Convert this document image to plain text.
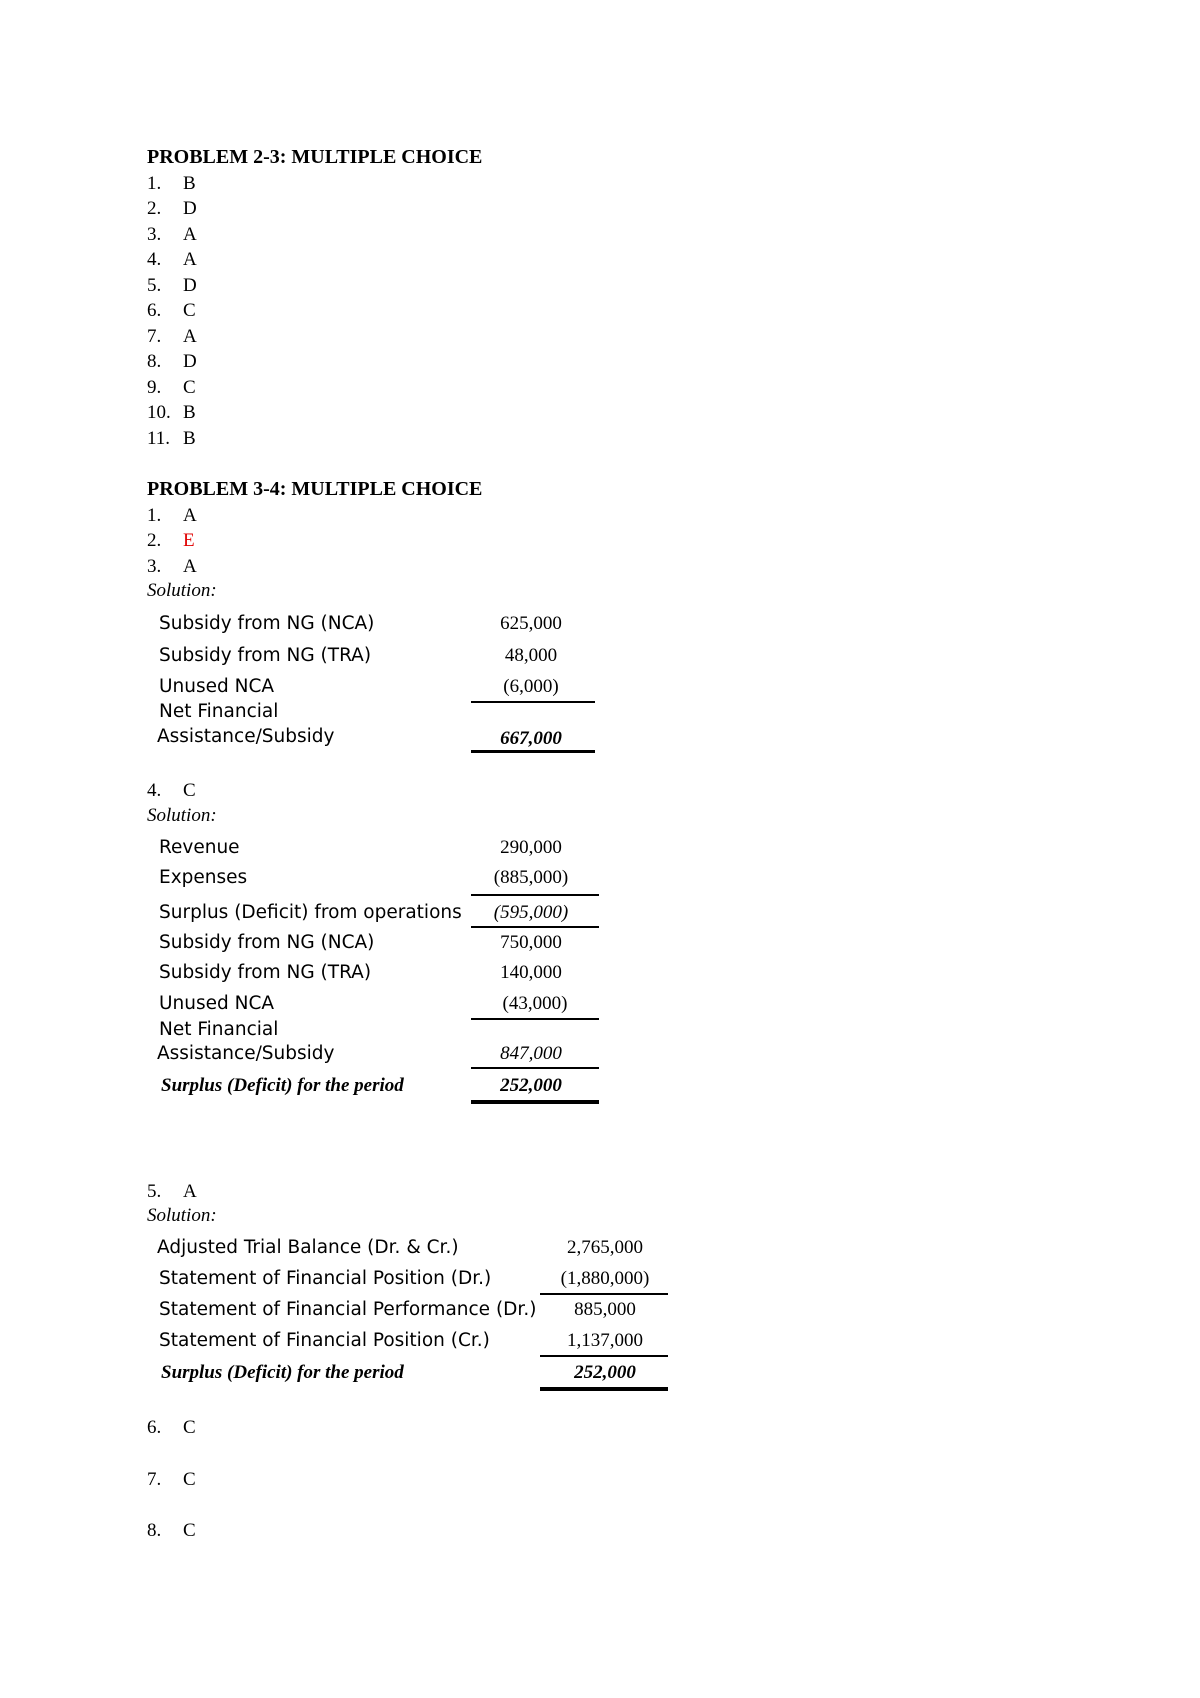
PROBLEM 2-3: MULTIPLE CHOICE
1. B
2. D
3. A
4. A
5. D
6. C
7. A
8. D
9. C
10. B
11. B
PROBLEM 3-4: MULTIPLE CHOICE
1. A
2. E
3. A
Solution:
Subsidy from NG (NCA)	625,000
Subsidy from NG (TRA)	48,000
Unused NCA	(6,000)
Net Financial
Assistance/Subsidy	667,000
4. C
Solution:
Revenue	290,000
Expenses	(885,000)
Surplus (Deficit) from operations	(595,000)
Subsidy from NG (NCA)	750,000
Subsidy from NG (TRA)	140,000
Unused NCA	(43,000)
Net Financial
Assistance/Subsidy	847,000
Surplus (Deficit) for the period	252,000
5. A
Solution:
Adjusted Trial Balance (Dr. & Cr.)	2,765,000
Statement of Financial Position (Dr.)	(1,880,000)
Statement of Financial Performance (Dr.)	885,000
Statement of Financial Position (Cr.)	1,137,000
Surplus (Deficit) for the period	252,000
6. C
7. C
8. C
